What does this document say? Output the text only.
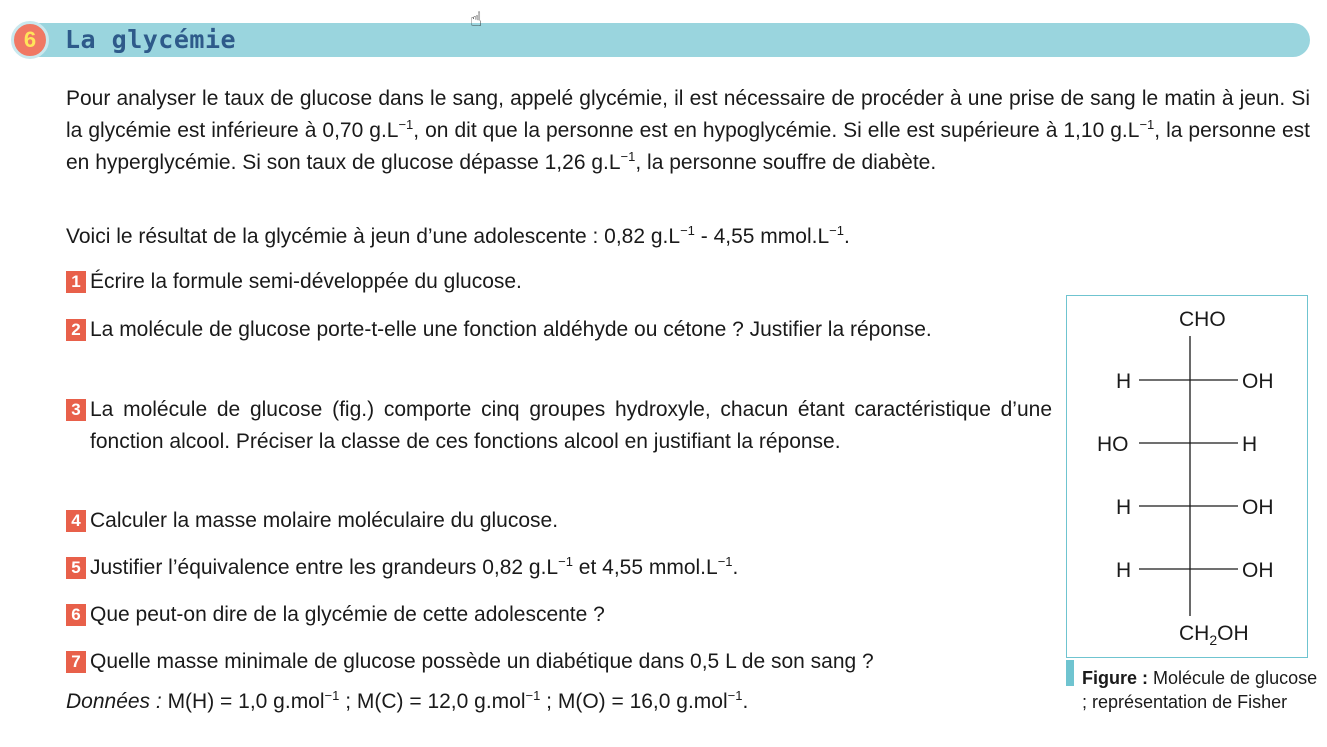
6 La glycémie
☝

Pour analyser le taux de glucose dans le sang, appelé glycémie, il est nécessaire de procéder à une prise de sang le matin à jeun. Si la glycémie est inférieure à 0,70 $g.L^{-1}$, on dit que la personne est en hypoglycémie. Si elle est supérieure à 1,10 $g.L^{-1}$, la personne est en hyperglycémie. Si son taux de glucose dépasse 1,26 $g.L^{-1}$, la personne souffre de diabète.

Voici le résultat de la glycémie à jeun d’une adolescente : 0,82 $g.L^{-1} - 4,55$ $mmol.L^{-1}$.

1 Écrire la formule semi-développée du glucose.

2 La molécule de glucose porte-t-elle une fonction aldéhyde ou cétone ? Justifier la réponse.

3 La molécule de glucose (fig.) comporte cinq groupes hydroxyle, chacun étant caractéristique d’une fonction alcool. Préciser la classe de ces fonctions alcool en justifiant la réponse.

4 Calculer la masse molaire moléculaire du glucose.

5 Justifier l’équivalence entre les grandeurs 0,82 $g.L^{-1}$ et 4,55 $mmol.L^{-1}$.

6 Que peut-on dire de la glycémie de cette adolescente ?

7 Quelle masse minimale de glucose possède un diabétique dans 0,5 L de son sang ?

Données : M(H) = 1,0 g.mol$^{-1}$ ; M(C) = 12,0 g.mol$^{-1}$ ; M(O) = 16,0 g.mol$^{-1}$.

CHO
H	OH
HO	H
H	OH
H	OH
$CH_2OH$

Figure : Molécule de glucose ; représentation de Fisher
